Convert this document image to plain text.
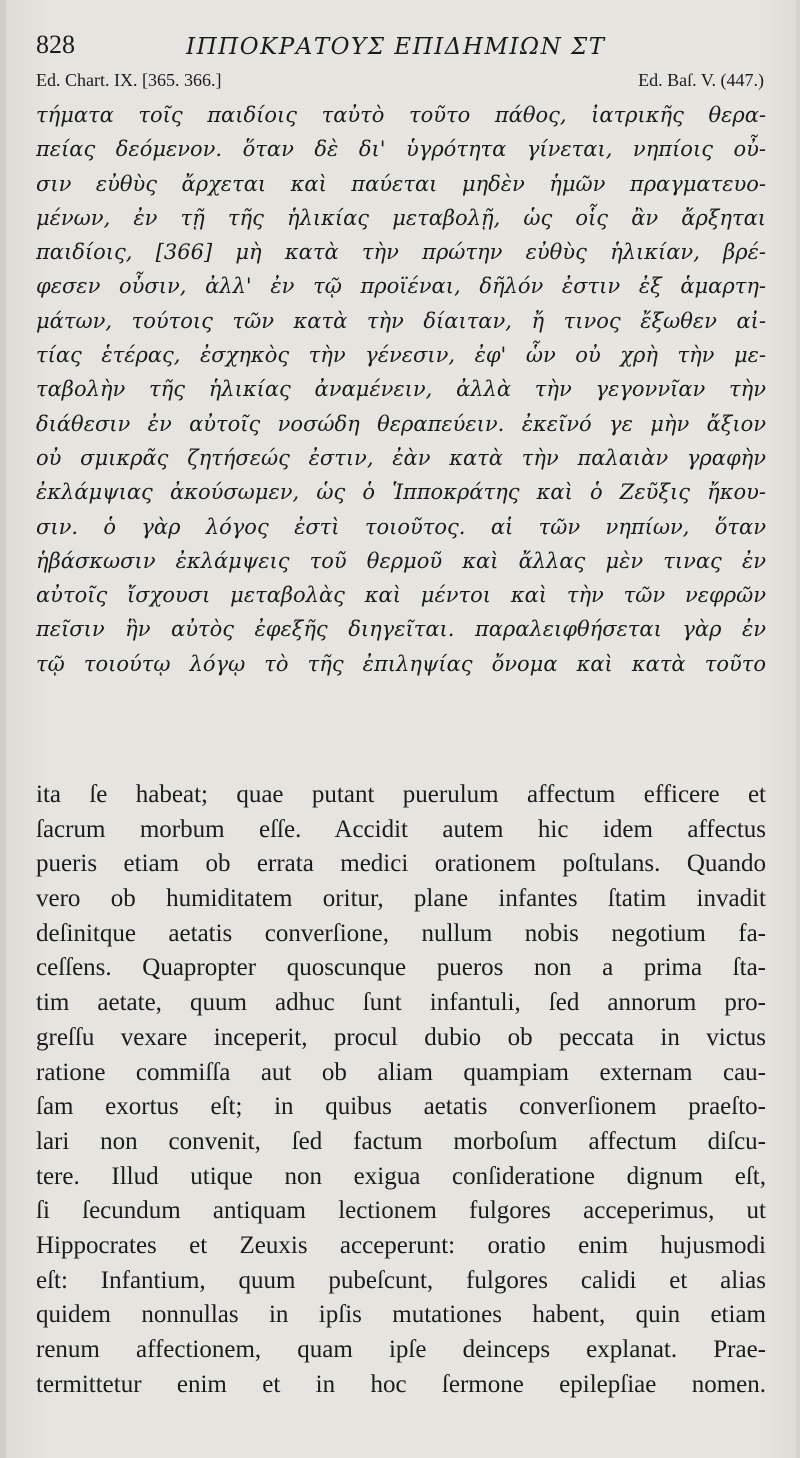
828	ΙΠΠΟΚΡΑΤΟΥΣ ΕΠΙΔΗΜΙΩΝ ΣΤ
Ed. Chart. IX. [365. 366.]	Ed. Baſ. V. (447.)
τήματα τοῖς παιδίοις ταὐτὸ τοῦτο πάθος, ἰατρικῆς θερα-
πείας δεόμενον. ὅταν δὲ δι' ὑγρότητα γίνεται, νηπίοις οὖ-
σιν εὐθὺς ἄρχεται καὶ παύεται μηδὲν ἡμῶν πραγματευο-
μένων, ἐν τῇ τῆς ἡλικίας μεταβολῇ, ὡς οἷς ἂν ἄρξηται
παιδίοις, [366] μὴ κατὰ τὴν πρώτην εὐθὺς ἡλικίαν, βρέ-
φεσεν οὖσιν, ἀλλ' ἐν τῷ προϊέναι, δῆλόν ἐστιν ἐξ ἁμαρτη-
μάτων, τούτοις τῶν κατὰ τὴν δίαιταν, ἤ τινος ἔξωθεν αἰ-
τίας ἑτέρας, ἐσχηκὸς τὴν γένεσιν, ἐφ' ὧν οὐ χρὴ τὴν με-
ταβολὴν τῆς ἡλικίας ἀναμένειν, ἀλλὰ τὴν γεγοννῖαν τὴν
διάθεσιν ἐν αὐτοῖς νοσώδη θεραπεύειν. ἐκεῖνό γε μὴν ἄξιον
οὐ σμικρᾶς ζητήσεώς ἐστιν, ἐὰν κατὰ τὴν παλαιὰν γραφὴν
ἐκλάμψιας ἀκούσωμεν, ὡς ὁ Ἱπποκράτης καὶ ὁ Ζεῦξις ἤκου-
σιν. ὁ γὰρ λόγος ἐστὶ τοιοῦτος. αἱ τῶν νηπίων, ὅταν
ἡβάσκωσιν ἐκλάμψεις τοῦ θερμοῦ καὶ ἄλλας μὲν τινας ἐν
αὐτοῖς ἴσχουσι μεταβολὰς καὶ μέντοι καὶ τὴν τῶν νεφρῶν
πεῖσιν ἣν αὐτὸς ἐφεξῆς διηγεῖται. παραλειφθήσεται γὰρ ἐν
τῷ τοιούτῳ λόγῳ τὸ τῆς ἐπιληψίας ὄνομα καὶ κατὰ τοῦτο
ita ſe habeat; quae putant puerulum affectum efficere et
ſacrum morbum eſſe. Accidit autem hic idem affectus
pueris etiam ob errata medici orationem poſtulans. Quando
vero ob humiditatem oritur, plane infantes ſtatim invadit
deſinitque aetatis converſione, nullum nobis negotium fa-
ceſſens. Quapropter quoscunque pueros non a prima ſta-
tim aetate, quum adhuc ſunt infantuli, ſed annorum pro-
greſſu vexare inceperit, procul dubio ob peccata in victus
ratione commiſſa aut ob aliam quampiam externam cau-
ſam exortus eſt; in quibus aetatis converſionem praeſto-
lari non convenit, ſed factum morboſum affectum diſcu-
tere. Illud utique non exigua conſideratione dignum eſt,
ſi ſecundum antiquam lectionem fulgores acceperimus, ut
Hippocrates et Zeuxis acceperunt: oratio enim hujusmodi
eſt: Infantium, quum pubeſcunt, fulgores calidi et alias
quidem nonnullas in ipſis mutationes habent, quin etiam
renum affectionem, quam ipſe deinceps explanat. Prae-
termittetur enim et in hoc ſermone epilepſiae nomen.
